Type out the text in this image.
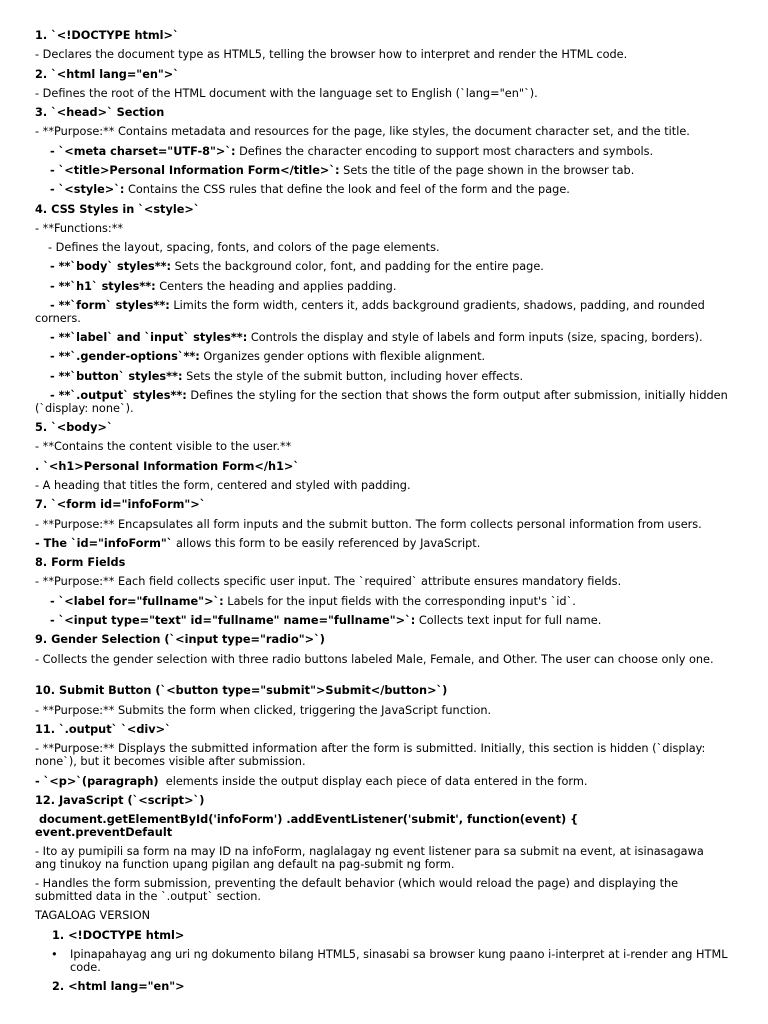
1. `<!DOCTYPE html>`
- Declares the document type as HTML5, telling the browser how to interpret and render the HTML code.
2. `<html lang="en">`
- Defines the root of the HTML document with the language set to English (`lang="en"`).
3. `<head>` Section
- **Purpose:** Contains metadata and resources for the page, like styles, the document character set, and the title.
- `<meta charset="UTF-8">`: Defines the character encoding to support most characters and symbols.
- `<title>Personal Information Form</title>`: Sets the title of the page shown in the browser tab.
- `<style>`: Contains the CSS rules that define the look and feel of the form and the page.
4. CSS Styles in `<style>`
- **Functions:**
- Defines the layout, spacing, fonts, and colors of the page elements.
- **`body` styles**: Sets the background color, font, and padding for the entire page.
- **`h1` styles**: Centers the heading and applies padding.
- **`form` styles**: Limits the form width, centers it, adds background gradients, shadows, padding, and rounded corners.
- **`label` and `input` styles**: Controls the display and style of labels and form inputs (size, spacing, borders).
- **`.gender-options`**: Organizes gender options with flexible alignment.
- **`button` styles**: Sets the style of the submit button, including hover effects.
- **`.output` styles**: Defines the styling for the section that shows the form output after submission, initially hidden (`display: none`).
5. `<body>`
- **Contains the content visible to the user.**
. `<h1>Personal Information Form</h1>`
- A heading that titles the form, centered and styled with padding.
7. `<form id="infoForm">`
- **Purpose:** Encapsulates all form inputs and the submit button. The form collects personal information from users.
- The `id="infoForm"` allows this form to be easily referenced by JavaScript.
8. Form Fields
- **Purpose:** Each field collects specific user input. The `required` attribute ensures mandatory fields.
- `<label for="fullname">`: Labels for the input fields with the corresponding input's `id`.
- `<input type="text" id="fullname" name="fullname">`: Collects text input for full name.
9. Gender Selection (`<input type="radio">`)
- Collects the gender selection with three radio buttons labeled Male, Female, and Other. The user can choose only one.
10. Submit Button (`<button type="submit">Submit</button>`)
- **Purpose:** Submits the form when clicked, triggering the JavaScript function.
11. `.output` `<div>`
- **Purpose:** Displays the submitted information after the form is submitted. Initially, this section is hidden (`display: none`), but it becomes visible after submission.
- `<p>`(paragraph)  elements inside the output display each piece of data entered in the form.
12. JavaScript (`<script>`)
document.getElementById('infoForm') .addEventListener('submit', function(event) { event.preventDefault
- Ito ay pumipili sa form na may ID na infoForm, naglalagay ng event listener para sa submit na event, at isinasagawa ang tinukoy na function upang pigilan ang default na pag-submit ng form.
- Handles the form submission, preventing the default behavior (which would reload the page) and displaying the submitted data in the `.output` section.
TAGALOAG VERSION
1. <!DOCTYPE html>
• Ipinapahayag ang uri ng dokumento bilang HTML5, sinasabi sa browser kung paano i-interpret at i-render ang HTML code.
2. <html lang="en">
